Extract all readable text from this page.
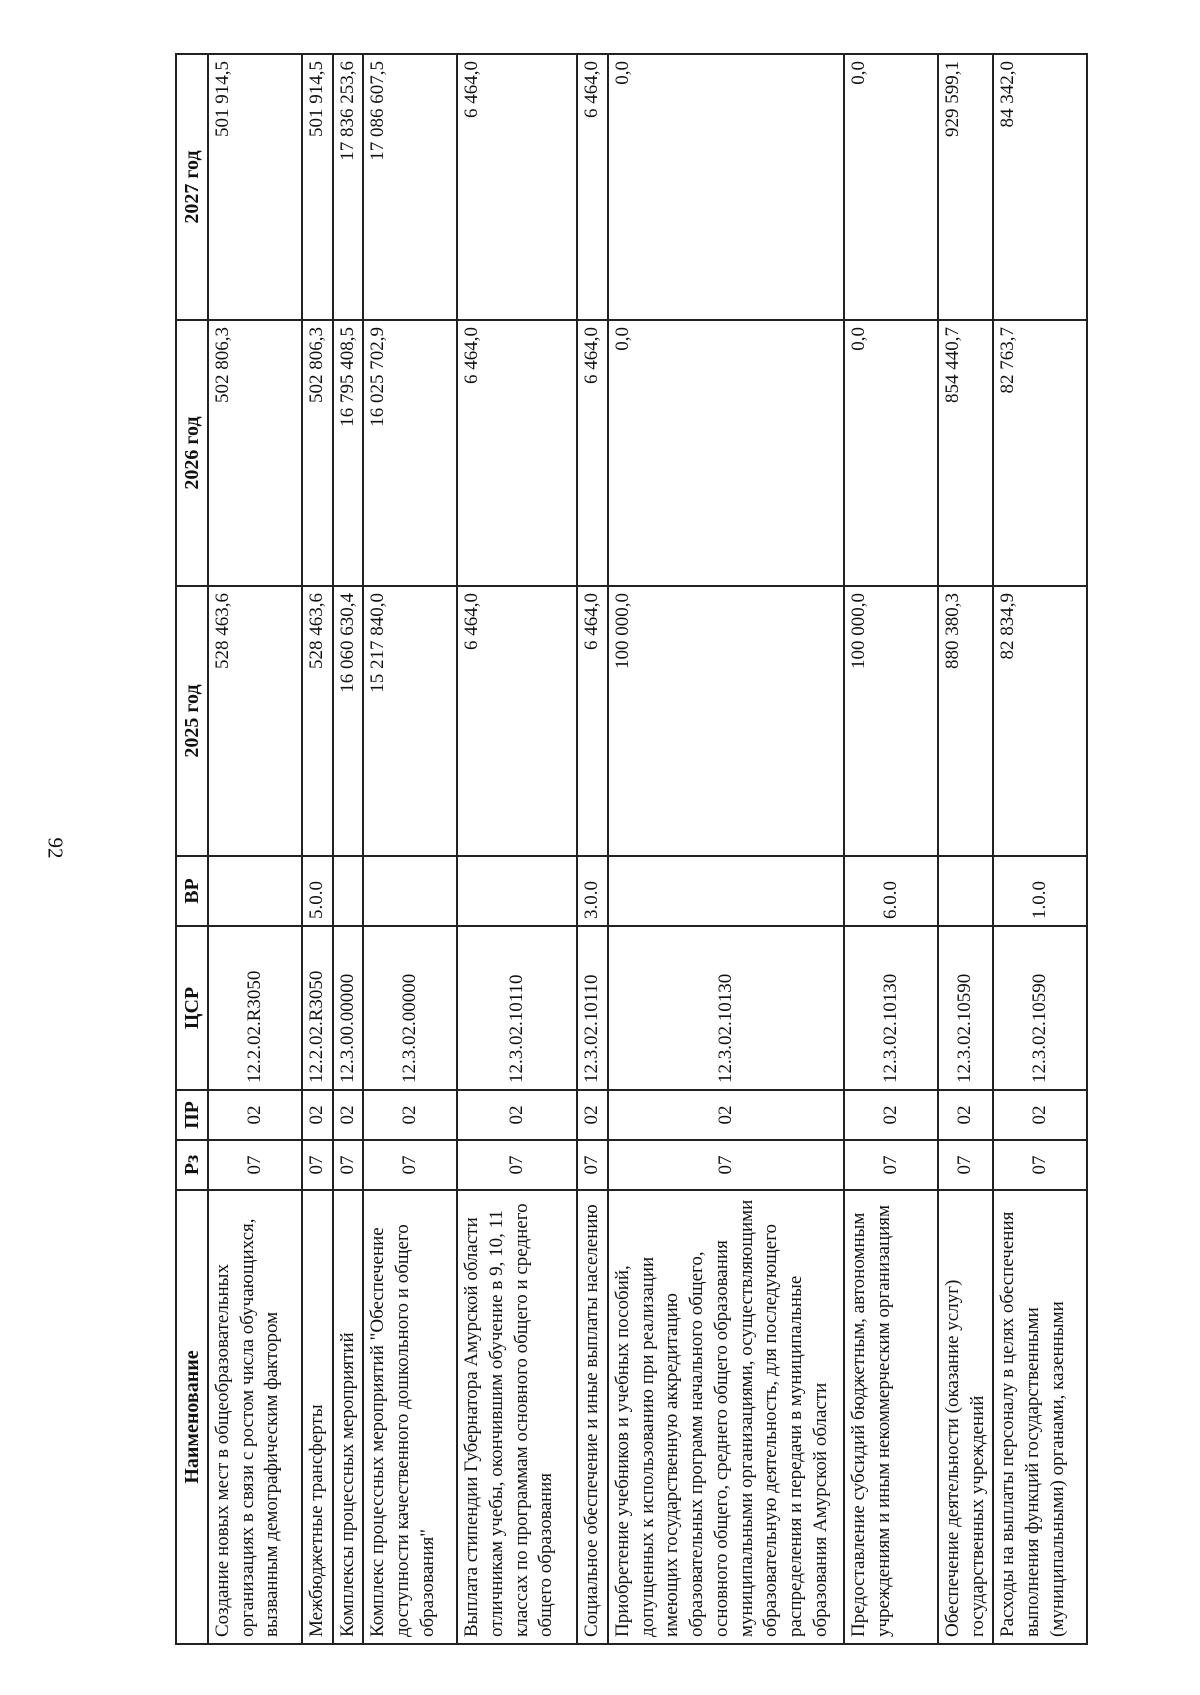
92
Наименование	Рз	ПР	ЦСР	ВР	2025 год	2026 год	2027 год
Создание новых мест в общеобразовательных организациях в связи с ростом числа обучающихся, вызванным демографическим фактором	07	02	12.2.02.R3050		528 463,6	502 806,3	501 914,5
Межбюджетные трансферты	07	02	12.2.02.R3050	5.0.0	528 463,6	502 806,3	501 914,5
Комплексы процессных мероприятий	07	02	12.3.00.00000		16 060 630,4	16 795 408,5	17 836 253,6
Комплекс процессных мероприятий "Обеспечение доступности качественного дошкольного и общего образования"	07	02	12.3.02.00000		15 217 840,0	16 025 702,9	17 086 607,5
Выплата стипендии Губернатора Амурской области отличникам учебы, окончившим обучение в 9, 10, 11 классах по программам основного общего и среднего общего образования	07	02	12.3.02.10110		6 464,0	6 464,0	6 464,0
Социальное обеспечение и иные выплаты населению	07	02	12.3.02.10110	3.0.0	6 464,0	6 464,0	6 464,0
Приобретение учебников и учебных пособий, допущенных к использованию при реализации имеющих государственную аккредитацию образовательных программ начального общего, основного общего, среднего общего образования муниципальными организациями, осуществляющими образовательную деятельность, для последующего распределения и передачи в муниципальные образования Амурской области	07	02	12.3.02.10130		100 000,0	0,0	0,0
Предоставление субсидий бюджетным, автономным учреждениям и иным некоммерческим организациям	07	02	12.3.02.10130	6.0.0	100 000,0	0,0	0,0
Обеспечение деятельности (оказание услуг) государственных учреждений	07	02	12.3.02.10590		880 380,3	854 440,7	929 599,1
Расходы на выплаты персоналу в целях обеспечения выполнения функций государственными (муниципальными) органами, казенными	07	02	12.3.02.10590	1.0.0	82 834,9	82 763,7	84 342,0
